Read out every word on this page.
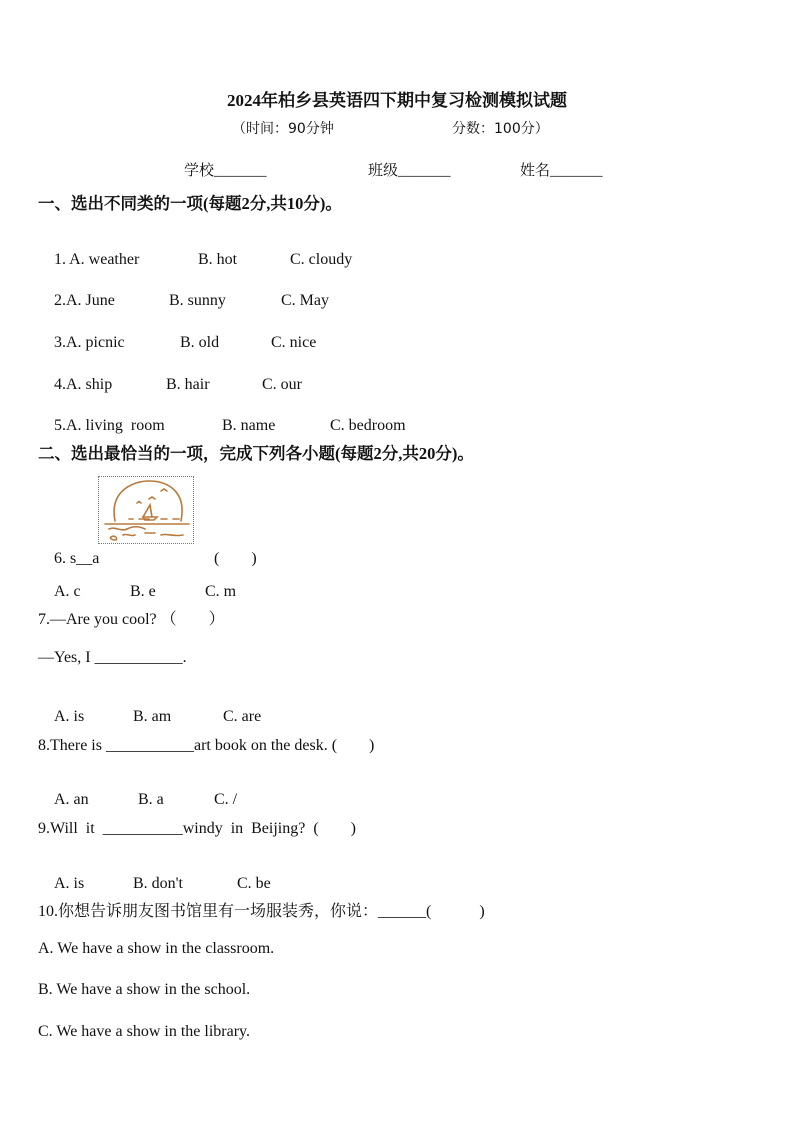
2024年柏乡县英语四下期中复习检测模拟试题
（时间：90分钟	分数：100分）
学校_______	班级_______	姓名_______
一、选出不同类的一项(每题2分,共10分)。

1. A. weather	B. hot	C. cloudy

2.A. June	B. sunny	C. May

3.A. picnic	B. old	C. nice

4.A. ship	B. hair	C. our

5.A. living  room	B. name	C. bedroom

二、选出最恰当的一项，完成下列各小题(每题2分,共20分)。

6. s__a	(　　)

A. c	B. e	C. m

7.—Are you cool? （　　）
—Yes, I ___________.

A. is	B. am	C. are

8.There is ___________art book on the desk. (　　)

A. an	B. a	C. /

9.Will  it  __________windy  in  Beijing?  (　　)

A. is	B. don't	C. be

10.你想告诉朋友图书馆里有一场服装秀，你说：______(　　　)
A. We have a show in the classroom.
B. We have a show in the school.
C. We have a show in the library.
